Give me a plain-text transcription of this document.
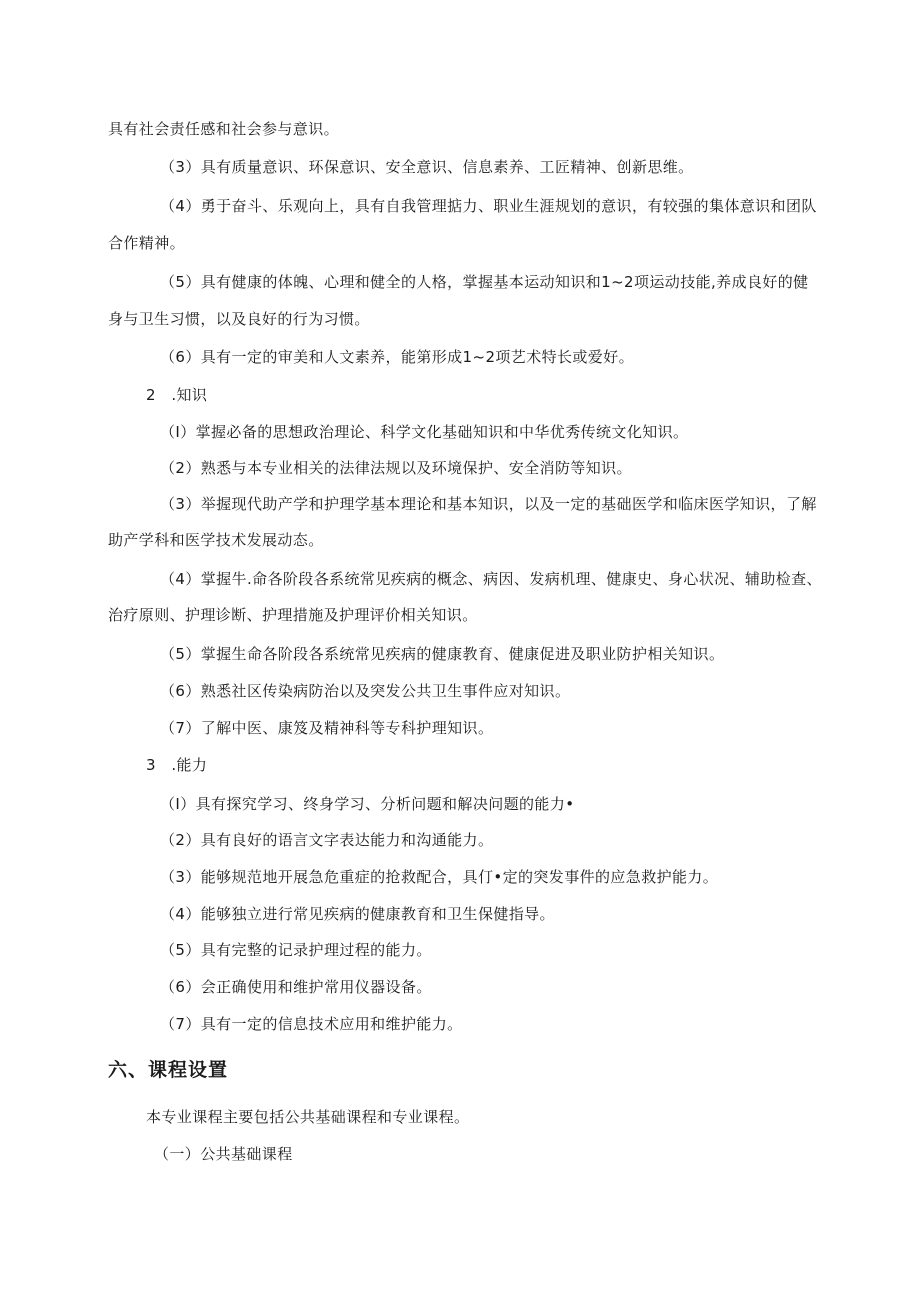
具有社会责任感和社会参与意识。
（3）具有质量意识、环保意识、安全意识、信息素养、工匠精神、创新思维。
（4）勇于奋斗、乐观向上，具有自我管理掂力、职业生涯规划的意识，有较强的集体意识和团队
合作精神。
（5）具有健康的体魄、心理和健全的人格，掌握基本运动知识和1~2项运动技能,养成良好的健
身与卫生习惯，以及良好的行为习惯。
（6）具有一定的审美和人文素养，能第形成1~2项艺术特长或爱好。
2　.知识
（I）掌握必备的思想政治理论、科学文化基础知识和中华优秀传统文化知识。
（2）熟悉与本专业相关的法律法规以及环境保护、安全消防等知识。
（3）举握现代助产学和护理学基本理论和基本知识，以及一定的基础医学和临床医学知识，了解
助产学科和医学技术发展动态。
（4）掌握牛.命各阶段各系统常见疾病的概念、病因、发病机理、健康史、身心状况、辅助检查、
治疗原则、护理诊断、护理措施及护理评价相关知识。
（5）掌握生命各阶段各系统常见疾病的健康教育、健康促进及职业防护相关知识。
（6）熟悉社区传染病防治以及突发公共卫生事件应对知识。
（7）了解中医、康笈及精神科等专科护理知识。
3　.能力
（I）具有探究学习、终身学习、分析问题和解决问题的能力•
（2）具有良好的语言文字表达能力和沟通能力。
（3）能够规范地开展急危重症的抢救配合，具仃•定的突发事件的应急救护能力。
（4）能够独立进行常见疾病的健康教育和卫生保健指导。
（5）具有完整的记录护理过程的能力。
（6）会正确使用和维护常用仪器设备。
（7）具有一定的信息技术应用和维护能力。
六、课程设置
本专业课程主要包括公共基础课程和专业课程。
（一）公共基础课程
